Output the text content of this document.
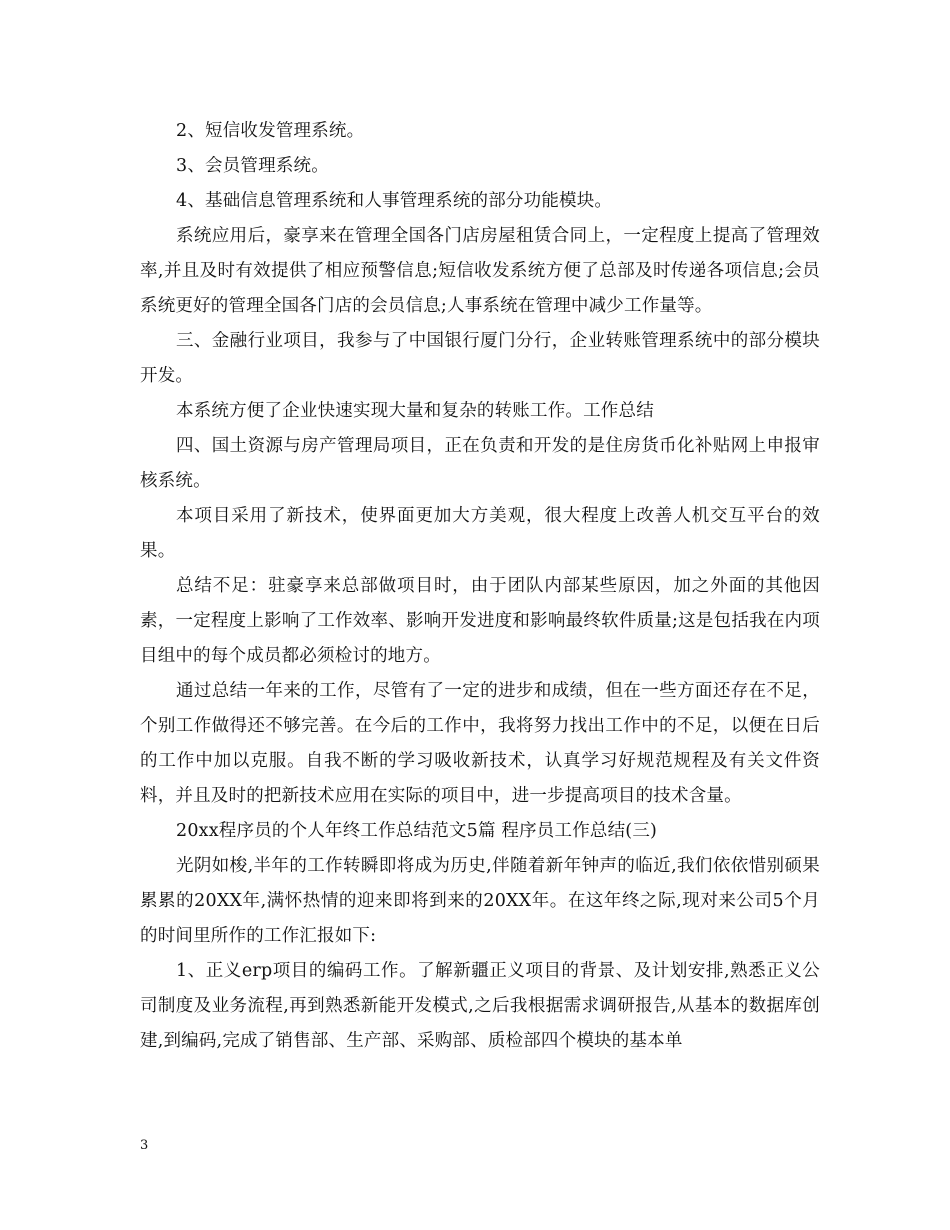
2、短信收发管理系统。

3、会员管理系统。

4、基础信息管理系统和人事管理系统的部分功能模块。

系统应用后，豪享来在管理全国各门店房屋租赁合同上，一定程度上提高了管理效率,并且及时有效提供了相应预警信息;短信收发系统方便了总部及时传递各项信息;会员系统更好的管理全国各门店的会员信息;人事系统在管理中减少工作量等。

三、金融行业项目，我参与了中国银行厦门分行，企业转账管理系统中的部分模块开发。

本系统方便了企业快速实现大量和复杂的转账工作。工作总结

四、国土资源与房产管理局项目，正在负责和开发的是住房货币化补贴网上申报审核系统。

本项目采用了新技术，使界面更加大方美观，很大程度上改善人机交互平台的效果。

总结不足：驻豪享来总部做项目时，由于团队内部某些原因，加之外面的其他因素，一定程度上影响了工作效率、影响开发进度和影响最终软件质量;这是包括我在内项目组中的每个成员都必须检讨的地方。

通过总结一年来的工作，尽管有了一定的进步和成绩，但在一些方面还存在不足，个别工作做得还不够完善。在今后的工作中，我将努力找出工作中的不足，以便在日后的工作中加以克服。自我不断的学习吸收新技术，认真学习好规范规程及有关文件资料，并且及时的把新技术应用在实际的项目中，进一步提高项目的技术含量。

20xx程序员的个人年终工作总结范文5篇 程序员工作总结(三)

光阴如梭,半年的工作转瞬即将成为历史,伴随着新年钟声的临近,我们依依惜别硕果累累的20XX年,满怀热情的迎来即将到来的20XX年。在这年终之际,现对来公司5个月的时间里所作的工作汇报如下:

1、正义erp项目的编码工作。了解新疆正义项目的背景、及计划安排,熟悉正义公司制度及业务流程,再到熟悉新能开发模式,之后我根据需求调研报告,从基本的数据库创建,到编码,完成了销售部、生产部、采购部、质检部四个模块的基本单

3
